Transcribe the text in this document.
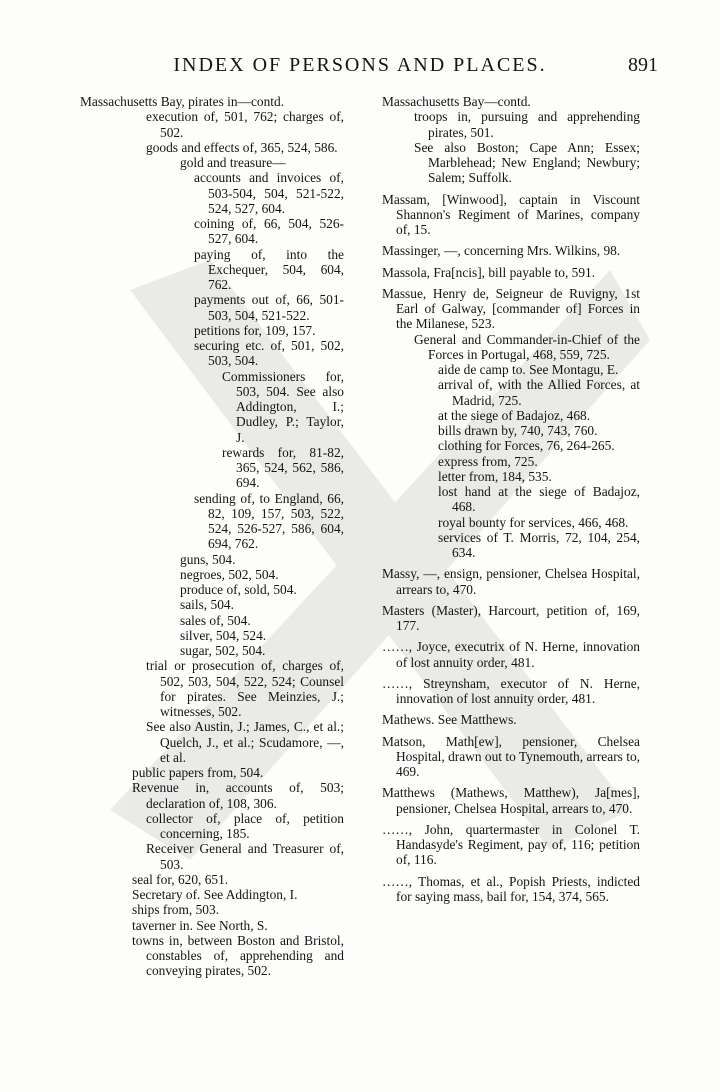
INDEX OF PERSONS AND PLACES.	891
Massachusetts Bay, pirates in—contd.
execution of, 501, 762; charges of, 502.
goods and effects of, 365, 524, 586.
gold and treasure—
accounts and invoices of, 503-504, 504, 521-522, 524, 527, 604.
coining of, 66, 504, 526-527, 604.
paying of, into the Exchequer, 504, 604, 762.
payments out of, 66, 501-503, 504, 521-522.
petitions for, 109, 157.
securing etc. of, 501, 502, 503, 504.
Commissioners for, 503, 504. See also Addington, I.; Dudley, P.; Taylor, J.
rewards for, 81-82, 365, 524, 562, 586, 694.
sending of, to England, 66, 82, 109, 157, 503, 522, 524, 526-527, 586, 604, 694, 762.
guns, 504.
negroes, 502, 504.
produce of, sold, 504.
sails, 504.
sales of, 504.
silver, 504, 524.
sugar, 502, 504.
trial or prosecution of, charges of, 502, 503, 504, 522, 524; Counsel for pirates. See Meinzies, J.; witnesses, 502.
See also Austin, J.; James, C., et al.; Quelch, J., et al.; Scudamore, —, et al.
public papers from, 504.
Revenue in, accounts of, 503; declaration of, 108, 306.
collector of, place of, petition concerning, 185.
Receiver General and Treasurer of, 503.
seal for, 620, 651.
Secretary of. See Addington, I.
ships from, 503.
taverner in. See North, S.
towns in, between Boston and Bristol, constables of, apprehending and conveying pirates, 502.
Massachusetts Bay—contd.
troops in, pursuing and apprehending pirates, 501.
See also Boston; Cape Ann; Essex; Marblehead; New England; Newbury; Salem; Suffolk.
Massam, [Winwood], captain in Viscount Shannon's Regiment of Marines, company of, 15.
Massinger, —, concerning Mrs. Wilkins, 98.
Massola, Fra[ncis], bill payable to, 591.
Massue, Henry de, Seigneur de Ruvigny, 1st Earl of Galway, [commander of] Forces in the Milanese, 523.
General and Commander-in-Chief of the Forces in Portugal, 468, 559, 725.
aide de camp to. See Montagu, E.
arrival of, with the Allied Forces, at Madrid, 725.
at the siege of Badajoz, 468.
bills drawn by, 740, 743, 760.
clothing for Forces, 76, 264-265.
express from, 725.
letter from, 184, 535.
lost hand at the siege of Badajoz, 468.
royal bounty for services, 466, 468.
services of T. Morris, 72, 104, 254, 634.
Massy, —, ensign, pensioner, Chelsea Hospital, arrears to, 470.
Masters (Master), Harcourt, petition of, 169, 177.
……, Joyce, executrix of N. Herne, innovation of lost annuity order, 481.
……, Streynsham, executor of N. Herne, innovation of lost annuity order, 481.
Mathews. See Matthews.
Matson, Math[ew], pensioner, Chelsea Hospital, drawn out to Tynemouth, arrears to, 469.
Matthews (Mathews, Matthew), Ja[mes], pensioner, Chelsea Hospital, arrears to, 470.
……, John, quartermaster in Colonel T. Handasyde's Regiment, pay of, 116; petition of, 116.
……, Thomas, et al., Popish Priests, indicted for saying mass, bail for, 154, 374, 565.
